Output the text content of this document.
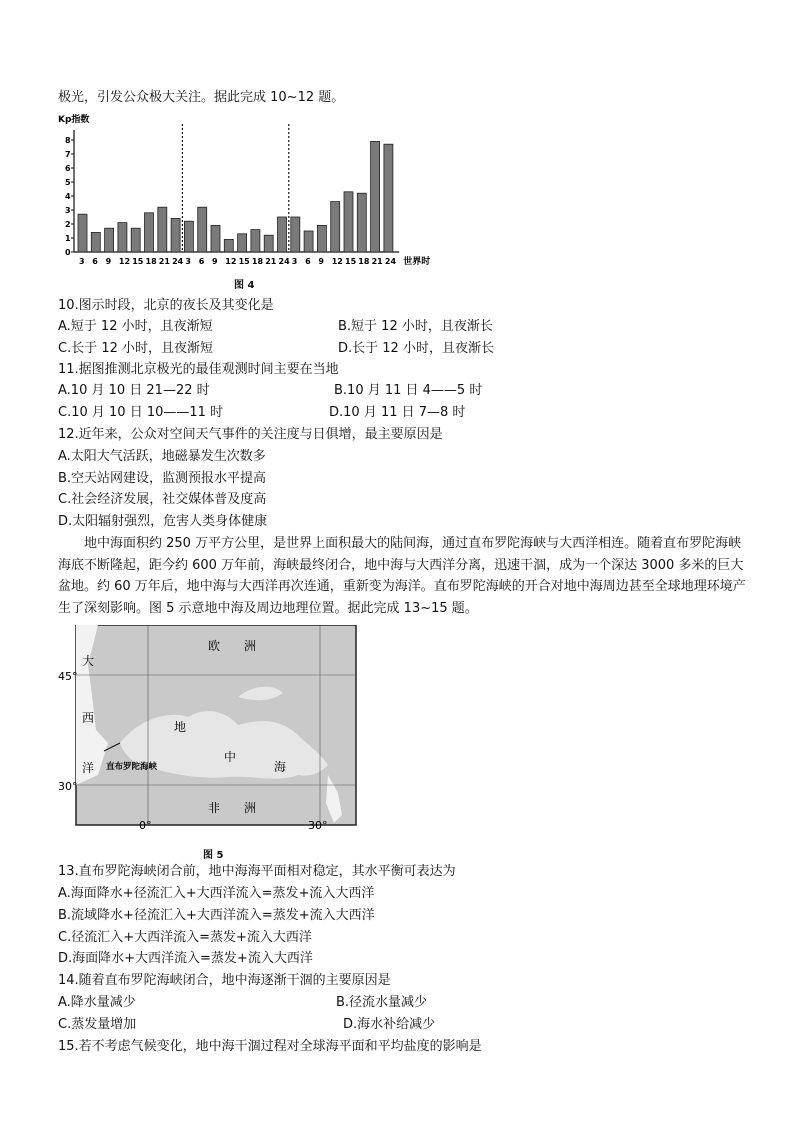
极光，引发公众极大关注。据此完成 10~12 题。
Kp指数
0
1
2
3
4
5
6
7
8
3 6 9 12 15 18 21 24 3 6 9 12 15 18 21 24 3 6 9 12 15 18 21 24 世界时
图 4
10.图示时段，北京的夜长及其变化是
A.短于 12 小时，且夜渐短	B.短于 12 小时，且夜渐长
C.长于 12 小时，且夜渐短	D.长于 12 小时，且夜渐长
11.据图推测北京极光的最佳观测时间主要在当地
A.10 月 10 日 21—22 时	B.10 月 11 日 4——5 时
C.10 月 10 日 10——11 时	D.10 月 11 日 7—8 时
12.近年来，公众对空间天气事件的关注度与日俱增，最主要原因是
A.太阳大气活跃，地磁暴发生次数多
B.空天站网建设，监测预报水平提高
C.社会经济发展，社交媒体普及度高
D.太阳辐射强烈，危害人类身体健康
地中海面积约 250 万平方公里，是世界上面积最大的陆间海，通过直布罗陀海峡与大西洋相连。随着直布罗陀海峡海底不断隆起，距今约 600 万年前，海峡最终闭合，地中海与大西洋分离，迅速干涸，成为一个深达 3000 多米的巨大盆地。约 60 万年后，地中海与大西洋再次连通，重新变为海洋。直布罗陀海峡的开合对地中海周边甚至全球地理环境产生了深刻影响。图 5 示意地中海及周边地理位置。据此完成 13~15 题。
欧　　洲
非　　洲
大
西
洋
地
中
海
直布罗陀海峡
45°
30°
0°	30°
图 5
13.直布罗陀海峡闭合前，地中海海平面相对稳定，其水平衡可表达为
A.海面降水+径流汇入+大西洋流入=蒸发+流入大西洋
B.流域降水+径流汇入+大西洋流入=蒸发+流入大西洋
C.径流汇入+大西洋流入=蒸发+流入大西洋
D.海面降水+大西洋流入=蒸发+流入大西洋
14.随着直布罗陀海峡闭合，地中海逐渐干涸的主要原因是
A.降水量减少	B.径流水量减少
C.蒸发量增加	D.海水补给减少
15.若不考虑气候变化，地中海干涸过程对全球海平面和平均盐度的影响是
